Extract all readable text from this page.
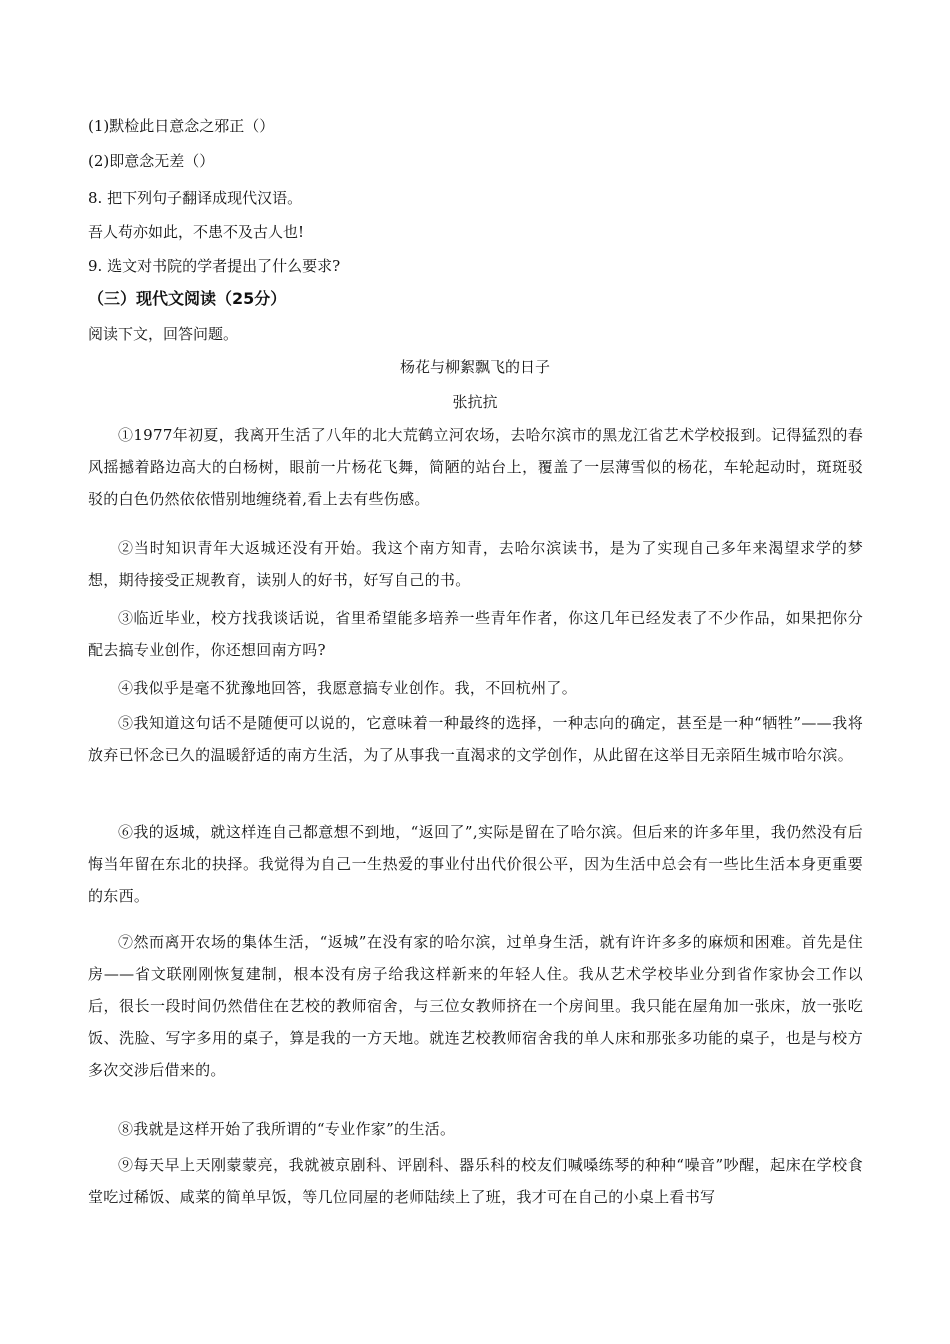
(1)默检此日意念之邪正（）
(2)即意念无差（）
8. 把下列句子翻译成现代汉语。
吾人苟亦如此，不患不及古人也!
9. 选文对书院的学者提出了什么要求?
（三）现代文阅读（25分）
阅读下文，回答问题。
杨花与柳絮飘飞的日子
张抗抗
①1977年初夏，我离开生活了八年的北大荒鹤立河农场，去哈尔滨市的黑龙江省艺术学校报到。记得猛烈的春风摇撼着路边高大的白杨树，眼前一片杨花飞舞，简陋的站台上，覆盖了一层薄雪似的杨花，车轮起动时，斑斑驳驳的白色仍然依依惜别地缠绕着,看上去有些伤感。
②当时知识青年大返城还没有开始。我这个南方知青，去哈尔滨读书，是为了实现自己多年来渴望求学的梦想，期待接受正规教育，读别人的好书，好写自己的书。
③临近毕业，校方找我谈话说，省里希望能多培养一些青年作者，你这几年已经发表了不少作品，如果把你分配去搞专业创作，你还想回南方吗?
④我似乎是毫不犹豫地回答，我愿意搞专业创作。我，不回杭州了。
⑤我知道这句话不是随便可以说的，它意味着一种最终的选择，一种志向的确定，甚至是一种“牺牲”——我将放弃已怀念已久的温暖舒适的南方生活，为了从事我一直渴求的文学创作，从此留在这举目无亲陌生城市哈尔滨。
⑥我的返城，就这样连自己都意想不到地，“返回了”,实际是留在了哈尔滨。但后来的许多年里，我仍然没有后悔当年留在东北的抉择。我觉得为自己一生热爱的事业付出代价很公平，因为生活中总会有一些比生活本身更重要的东西。
⑦然而离开农场的集体生活，“返城”在没有家的哈尔滨，过单身生活，就有许许多多的麻烦和困难。首先是住房——省文联刚刚恢复建制，根本没有房子给我这样新来的年轻人住。我从艺术学校毕业分到省作家协会工作以后，很长一段时间仍然借住在艺校的教师宿舍，与三位女教师挤在一个房间里。我只能在屋角加一张床，放一张吃饭、洗脸、写字多用的桌子，算是我的一方天地。就连艺校教师宿舍我的单人床和那张多功能的桌子，也是与校方多次交涉后借来的。
⑧我就是这样开始了我所谓的“专业作家”的生活。
⑨每天早上天刚蒙蒙亮，我就被京剧科、评剧科、器乐科的校友们喊嗓练琴的种种“噪音”吵醒，起床在学校食堂吃过稀饭、咸菜的简单早饭，等几位同屋的老师陆续上了班，我才可在自己的小桌上看书写
